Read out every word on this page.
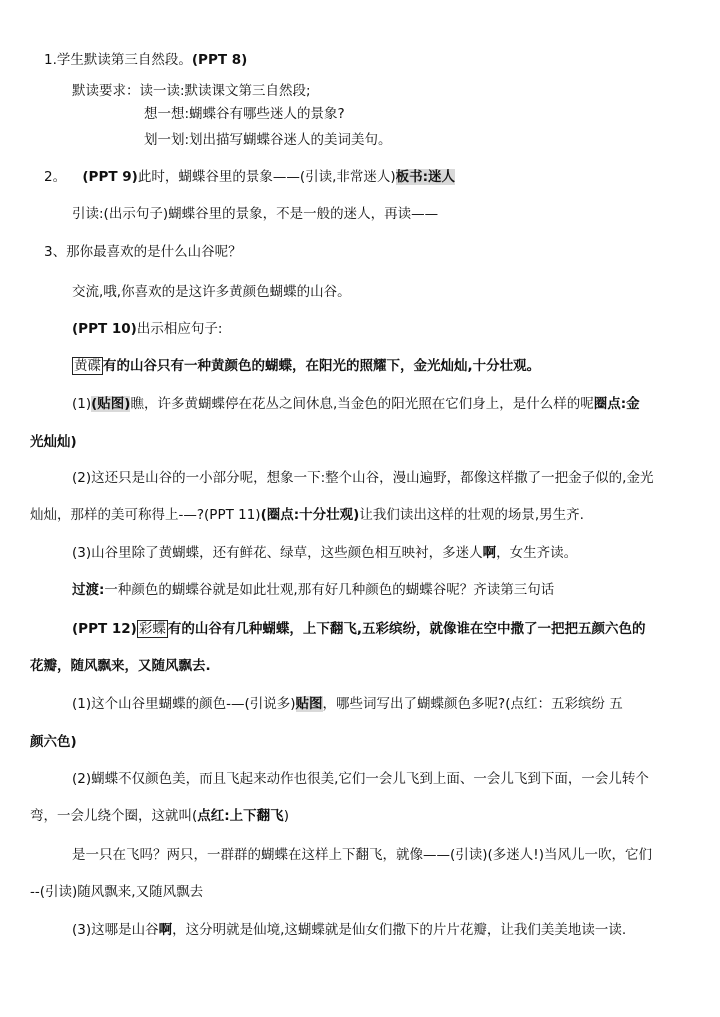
1.学生默读第三自然段。(PPT 8)
默读要求：读一读:默读课文第三自然段;
想一想:蝴蝶谷有哪些迷人的景象?
划一划:划出描写蝴蝶谷迷人的美词美句。
2。 (PPT 9)此时，蝴蝶谷里的景象——(引读,非常迷人)板书:迷人
引读:(出示句子)蝴蝶谷里的景象，不是一般的迷人，再读——
3、那你最喜欢的是什么山谷呢？
交流,哦,你喜欢的是这许多黄颜色蝴蝶的山谷。
(PPT 10)出示相应句子:
黄碟 有的山谷只有一种黄颜色的蝴蝶，在阳光的照耀下，金光灿灿,十分壮观。
(1)(贴图)瞧，许多黄蝴蝶停在花丛之间休息,当金色的阳光照在它们身上，是什么样的呢圈点:金
光灿灿)
(2)这还只是山谷的一小部分呢，想象一下:整个山谷，漫山遍野，都像这样撒了一把金子似的,金光
灿灿，那样的美可称得上-—?(PPT 11)(圈点:十分壮观)让我们读出这样的壮观的场景,男生齐.
(3)山谷里除了黄蝴蝶，还有鲜花、绿草，这些颜色相互映衬，多迷人啊，女生齐读。
过渡:一种颜色的蝴蝶谷就是如此壮观,那有好几种颜色的蝴蝶谷呢？齐读第三句话
(PPT 12) 彩蝶 有的山谷有几种蝴蝶，上下翻飞,五彩缤纷，就像谁在空中撒了一把把五颜六色的
花瓣，随风飘来，又随风飘去.
(1)这个山谷里蝴蝶的颜色-—(引说多)贴图，哪些词写出了蝴蝶颜色多呢?(点红：五彩缤纷 五
颜六色)
(2)蝴蝶不仅颜色美，而且飞起来动作也很美,它们一会儿飞到上面、一会儿飞到下面，一会儿转个
弯，一会儿绕个圈，这就叫(点红:上下翻飞)
是一只在飞吗？两只，一群群的蝴蝶在这样上下翻飞，就像——(引读)(多迷人!)当风儿一吹，它们
--(引读)随风飘来,又随风飘去
(3)这哪是山谷啊，这分明就是仙境,这蝴蝶就是仙女们撒下的片片花瓣，让我们美美地读一读.
